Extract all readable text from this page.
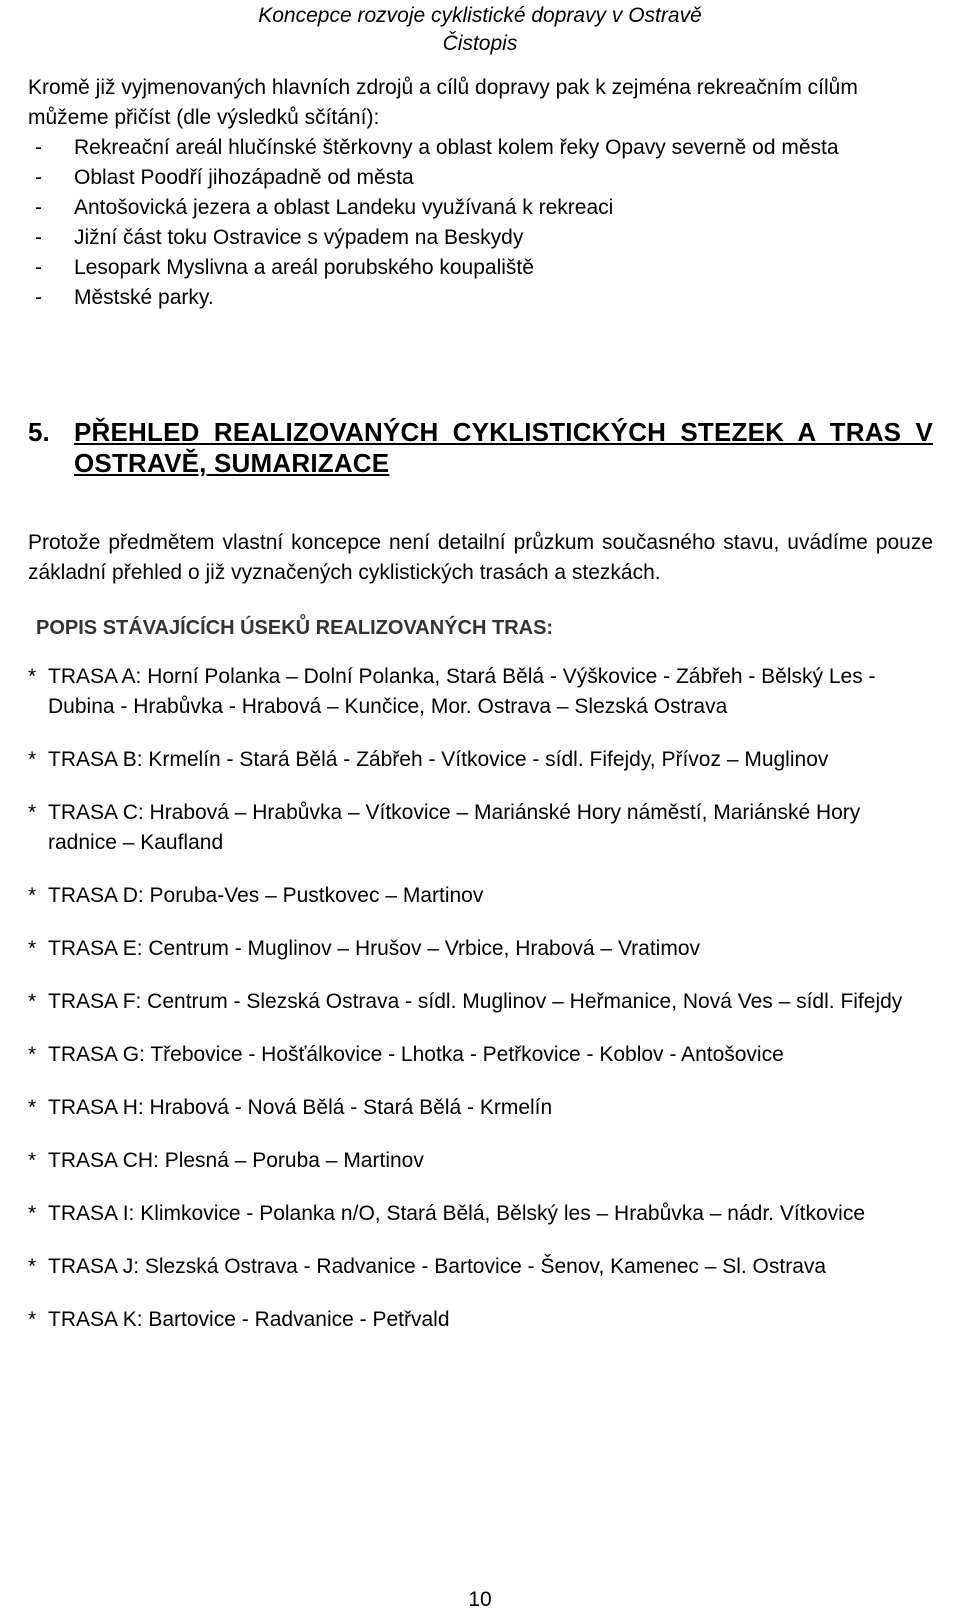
Koncepce rozvoje cyklistické dopravy v Ostravě
Čistopis

Kromě již vyjmenovaných hlavních zdrojů a cílů dopravy pak k zejména rekreačním cílům můžeme přičíst (dle výsledků sčítání):

- Rekreační areál hlučínské štěrkovny a oblast kolem řeky Opavy severně od města
- Oblast Poodří jihozápadně od města
- Antošovická jezera a oblast Landeku využívaná k rekreaci
- Jižní část toku Ostravice s výpadem na Beskydy
- Lesopark Myslivna a areál porubského koupaliště
- Městské parky.
5. PŘEHLED REALIZOVANÝCH CYKLISTICKÝCH STEZEK A TRAS V OSTRAVĚ, SUMARIZACE

Protože předmětem vlastní koncepce není detailní průzkum současného stavu, uvádíme pouze základní přehled o již vyznačených cyklistických trasách a stezkách.

POPIS STÁVAJÍCÍCH ÚSEKŮ REALIZOVANÝCH TRAS:
* TRASA A: Horní Polanka – Dolní Polanka, Stará Bělá - Výškovice - Zábřeh - Bělský Les - Dubina - Hrabůvka - Hrabová – Kunčice, Mor. Ostrava – Slezská Ostrava
* TRASA B: Krmelín - Stará Bělá - Zábřeh - Vítkovice - sídl. Fifejdy, Přívoz – Muglinov
* TRASA C: Hrabová – Hrabůvka – Vítkovice – Mariánské Hory náměstí, Mariánské Hory radnice – Kaufland
* TRASA D: Poruba-Ves – Pustkovec – Martinov
* TRASA E: Centrum - Muglinov – Hrušov – Vrbice, Hrabová – Vratimov
* TRASA F: Centrum - Slezská Ostrava - sídl. Muglinov – Heřmanice, Nová Ves – sídl. Fifejdy
* TRASA G: Třebovice - Hošťálkovice - Lhotka - Petřkovice - Koblov - Antošovice
* TRASA H: Hrabová - Nová Bělá - Stará Bělá - Krmelín
* TRASA CH: Plesná – Poruba – Martinov
* TRASA I: Klimkovice - Polanka n/O, Stará Bělá, Bělský les – Hrabůvka – nádr. Vítkovice
* TRASA J: Slezská Ostrava - Radvanice - Bartovice - Šenov, Kamenec – Sl. Ostrava
* TRASA K: Bartovice - Radvanice - Petřvald
10
